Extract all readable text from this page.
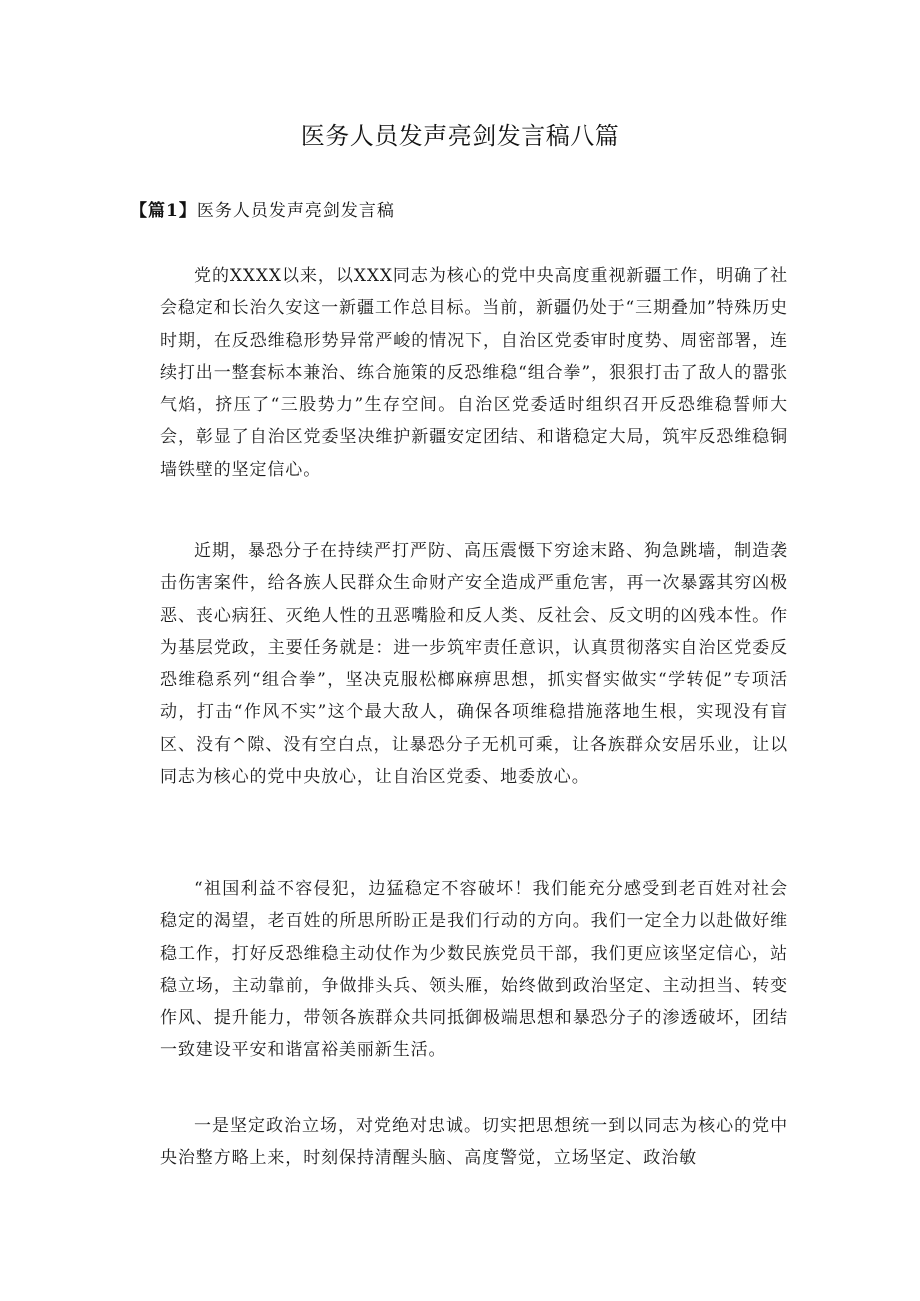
医务人员发声亮剑发言稿八篇
【篇1】医务人员发声亮剑发言稿

党的XXXX以来，以XXX同志为核心的党中央高度重视新疆工作，明确了社会稳定和长治久安这一新疆工作总目标。当前，新疆仍处于“三期叠加”特殊历史时期，在反恐维稳形势异常严峻的情况下，自治区党委审时度势、周密部署，连续打出一整套标本兼治、练合施策的反恐维稳“组合拳”，狠狠打击了敌人的嚣张气焰，挤压了“三股势力”生存空间。自治区党委适时组织召开反恐维稳誓师大会，彰显了自治区党委坚决维护新疆安定团结、和谐稳定大局，筑牢反恐维稳铜墙铁壁的坚定信心。

近期，暴恐分子在持续严打严防、高压震慑下穷途末路、狗急跳墙，制造袭击伤害案件，给各族人民群众生命财产安全造成严重危害，再一次暴露其穷凶极恶、丧心病狂、灭绝人性的丑恶嘴脸和反人类、反社会、反文明的凶残本性。作为基层党政，主要任务就是：进一步筑牢责任意识，认真贯彻落实自治区党委反恐维稳系列“组合拳”，坚决克服松榔麻痹思想，抓实督实做实“学转促”专项活动，打击“作风不实”这个最大敌人，确保各项维稳措施落地生根，实现没有盲区、没有^隙、没有空白点，让暴恐分子无机可乘，让各族群众安居乐业，让以同志为核心的党中央放心，让自治区党委、地委放心。

“祖国利益不容侵犯，边猛稳定不容破坏！我们能充分感受到老百姓对社会稳定的渴望，老百姓的所思所盼正是我们行动的方向。我们一定全力以赴做好维稳工作，打好反恐维稳主动仗作为少数民族党员干部，我们更应该坚定信心，站稳立场，主动靠前，争做排头兵、领头雁，始终做到政治坚定、主动担当、转变作风、提升能力，带领各族群众共同抵御极端思想和暴恐分子的渗透破坏，团结一致建设平安和谐富裕美丽新生活。

一是坚定政治立场，对党绝对忠诚。切实把思想统一到以同志为核心的党中央治整方略上来，时刻保持清醒头脑、高度警觉，立场坚定、政治敏
